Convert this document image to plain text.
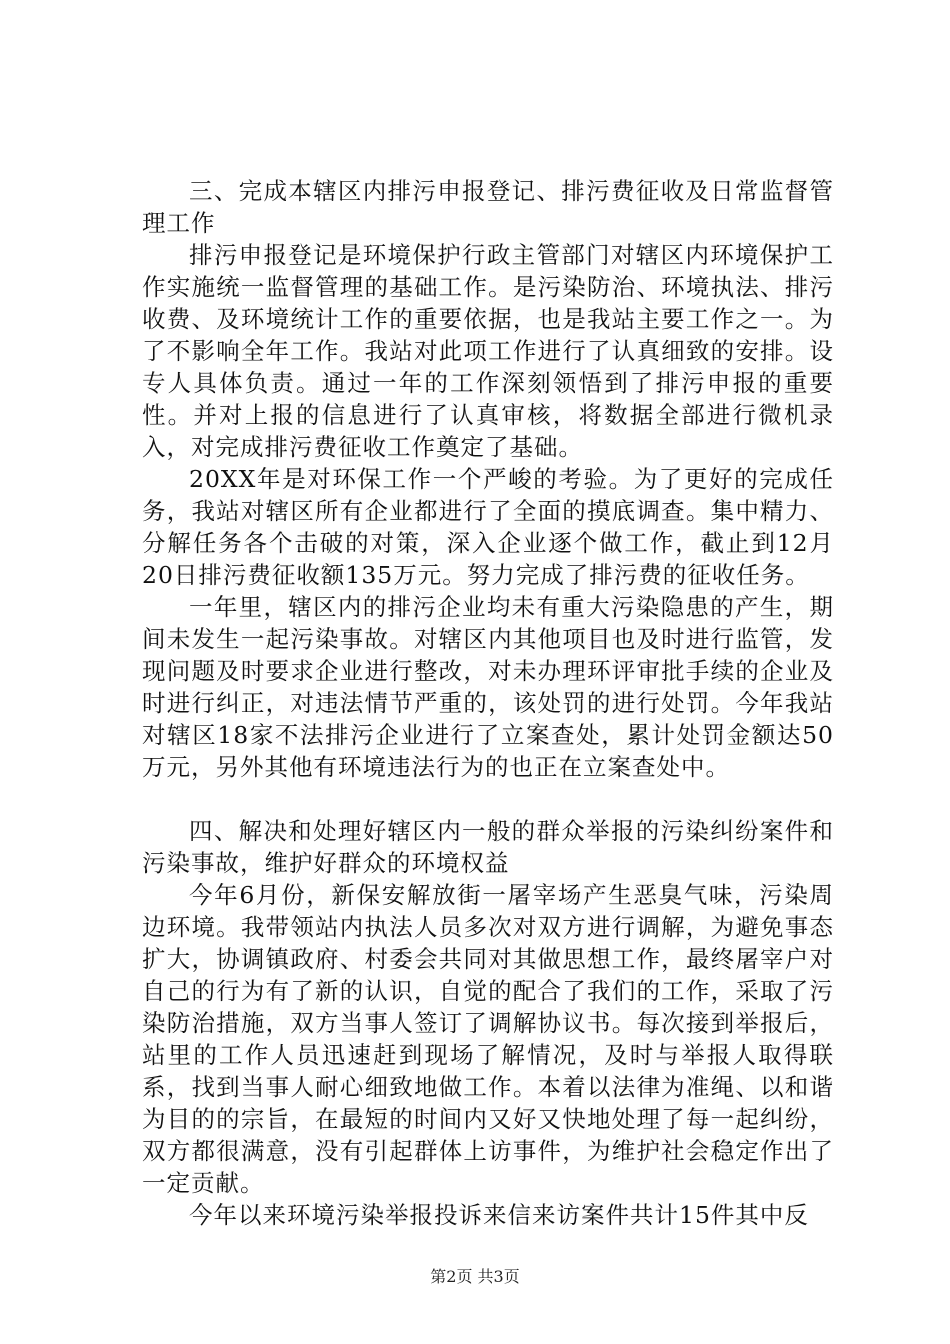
三、完成本辖区内排污申报登记、排污费征收及日常监督管理工作

排污申报登记是环境保护行政主管部门对辖区内环境保护工作实施统一监督管理的基础工作。是污染防治、环境执法、排污收费、及环境统计工作的重要依据，也是我站主要工作之一。为了不影响全年工作。我站对此项工作进行了认真细致的安排。设专人具体负责。通过一年的工作深刻领悟到了排污申报的重要性。并对上报的信息进行了认真审核，将数据全部进行微机录入，对完成排污费征收工作奠定了基础。

20XX年是对环保工作一个严峻的考验。为了更好的完成任务，我站对辖区所有企业都进行了全面的摸底调查。集中精力、分解任务各个击破的对策，深入企业逐个做工作，截止到12月20日排污费征收额135万元。努力完成了排污费的征收任务。

一年里，辖区内的排污企业均未有重大污染隐患的产生，期间未发生一起污染事故。对辖区内其他项目也及时进行监管，发现问题及时要求企业进行整改，对未办理环评审批手续的企业及时进行纠正，对违法情节严重的，该处罚的进行处罚。今年我站对辖区18家不法排污企业进行了立案查处，累计处罚金额达50万元，另外其他有环境违法行为的也正在立案查处中。

四、解决和处理好辖区内一般的群众举报的污染纠纷案件和污染事故，维护好群众的环境权益

今年6月份，新保安解放街一屠宰场产生恶臭气味，污染周边环境。我带领站内执法人员多次对双方进行调解，为避免事态扩大，协调镇政府、村委会共同对其做思想工作，最终屠宰户对自己的行为有了新的认识，自觉的配合了我们的工作，采取了污染防治措施，双方当事人签订了调解协议书。每次接到举报后，站里的工作人员迅速赶到现场了解情况，及时与举报人取得联系，找到当事人耐心细致地做工作。本着以法律为准绳、以和谐为目的的宗旨，在最短的时间内又好又快地处理了每一起纠纷，双方都很满意，没有引起群体上访事件，为维护社会稳定作出了一定贡献。

今年以来环境污染举报投诉来信来访案件共计15件其中反

第2页 共3页
